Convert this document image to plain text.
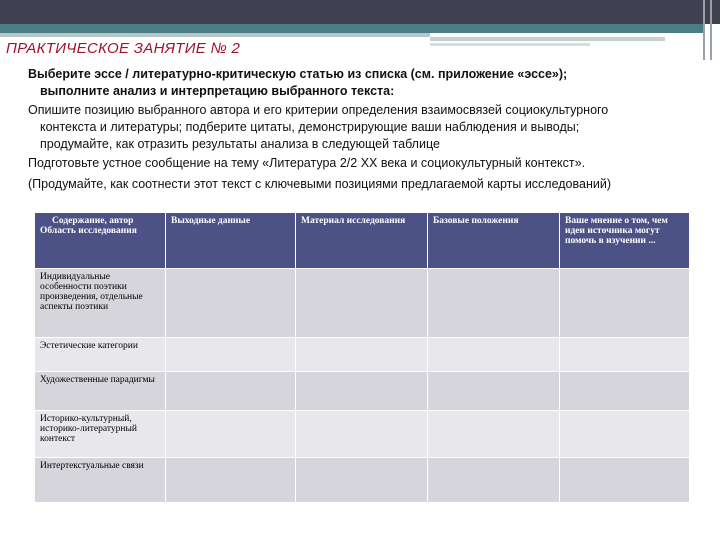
ПРАКТИЧЕСКОЕ ЗАНЯТИЕ № 2
Выберите эссе / литературно-критическую статью из списка (см. приложение «эссе»);
выполните анализ и интерпретацию выбранного текста:
Опишите позицию выбранного автора и его критерии определения взаимосвязей социокультурного
контекста и литературы; подберите цитаты, демонстрирующие ваши наблюдения и выводы;
продумайте, как отразить результаты анализа в следующей таблице
Подготовьте устное сообщение на тему «Литература 2/2 XX века и социокультурный контекст».
(Продумайте, как соотнести этот текст с ключевыми позициями предлагаемой карты исследований)
Содержание, автор Область исследования	Выходные данные	Материал исследования	Базовые положения	Ваше мнение о том, чем идеи источника могут помочь в изучении ...
Индивидуальные особенности поэтики произведения, отдельные аспекты поэтики				
Эстетические категории				
Художественные парадигмы				
Историко-культурный, историко-литературный контекст				
Интертекстуальные связи				
